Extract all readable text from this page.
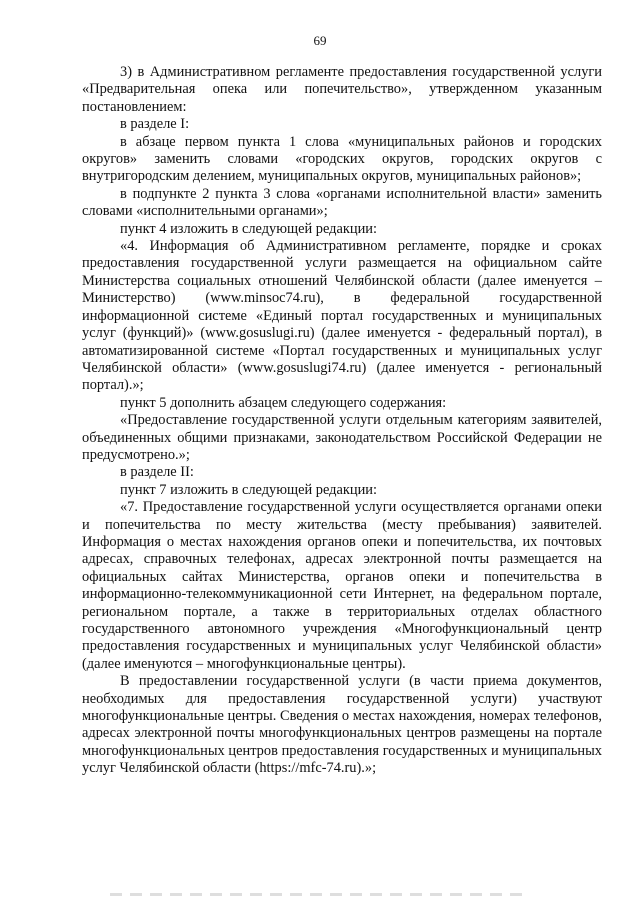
69

3) в Административном регламенте предоставления государственной услуги «Предварительная опека или попечительство», утвержденном указанным постановлением:

в разделе I:

в абзаце первом пункта 1 слова «муниципальных районов и городских округов» заменить словами «городских округов, городских округов с внутригородским делением, муниципальных округов, муниципальных районов»;

в подпункте 2 пункта 3 слова «органами исполнительной власти» заменить словами «исполнительными органами»;

пункт 4 изложить в следующей редакции:

«4. Информация об Административном регламенте, порядке и сроках предоставления государственной услуги размещается на официальном сайте Министерства социальных отношений Челябинской области (далее именуется – Министерство) (www.minsoc74.ru), в федеральной государственной информационной системе «Единый портал государственных и муниципальных услуг (функций)» (www.gosuslugi.ru) (далее именуется - федеральный портал), в автоматизированной системе «Портал государственных и муниципальных услуг Челябинской области» (www.gosuslugi74.ru) (далее именуется - региональный портал).»;

пункт 5 дополнить абзацем следующего содержания:

«Предоставление государственной услуги отдельным категориям заявителей, объединенных общими признаками, законодательством Российской Федерации не предусмотрено.»;

в разделе II:

пункт 7 изложить в следующей редакции:

«7. Предоставление государственной услуги осуществляется органами опеки и попечительства по месту жительства (месту пребывания) заявителей. Информация о местах нахождения органов опеки и попечительства, их почтовых адресах, справочных телефонах, адресах электронной почты размещается на официальных сайтах Министерства, органов опеки и попечительства в информационно-телекоммуникационной сети Интернет, на федеральном портале, региональном портале, а также в территориальных отделах областного государственного автономного учреждения «Многофункциональный центр предоставления государственных и муниципальных услуг Челябинской области» (далее именуются – многофункциональные центры).

В предоставлении государственной услуги (в части приема документов, необходимых для предоставления государственной услуги) участвуют многофункциональные центры. Сведения о местах нахождения, номерах телефонов, адресах электронной почты многофункциональных центров размещены на портале многофункциональных центров предоставления государственных и муниципальных услуг Челябинской области (https://mfc-74.ru).»;
